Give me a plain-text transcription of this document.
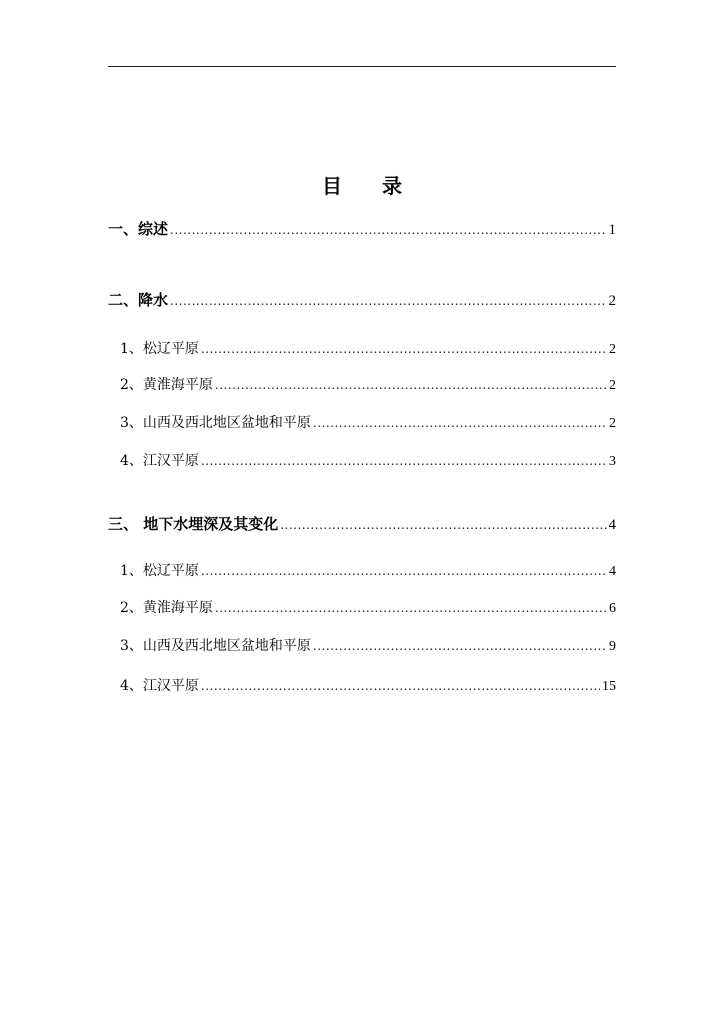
目 录
一、综述 .....	1
二、降水 .....	2
1、松辽平原 .....	2
2、黄淮海平原 .....	2
3、山西及西北地区盆地和平原 .....	2
4、江汉平原 .....	3
三、 地下水埋深及其变化 .....	4
1、松辽平原 .....	4
2、黄淮海平原 .....	6
3、山西及西北地区盆地和平原 .....	9
4、江汉平原 .....	15
